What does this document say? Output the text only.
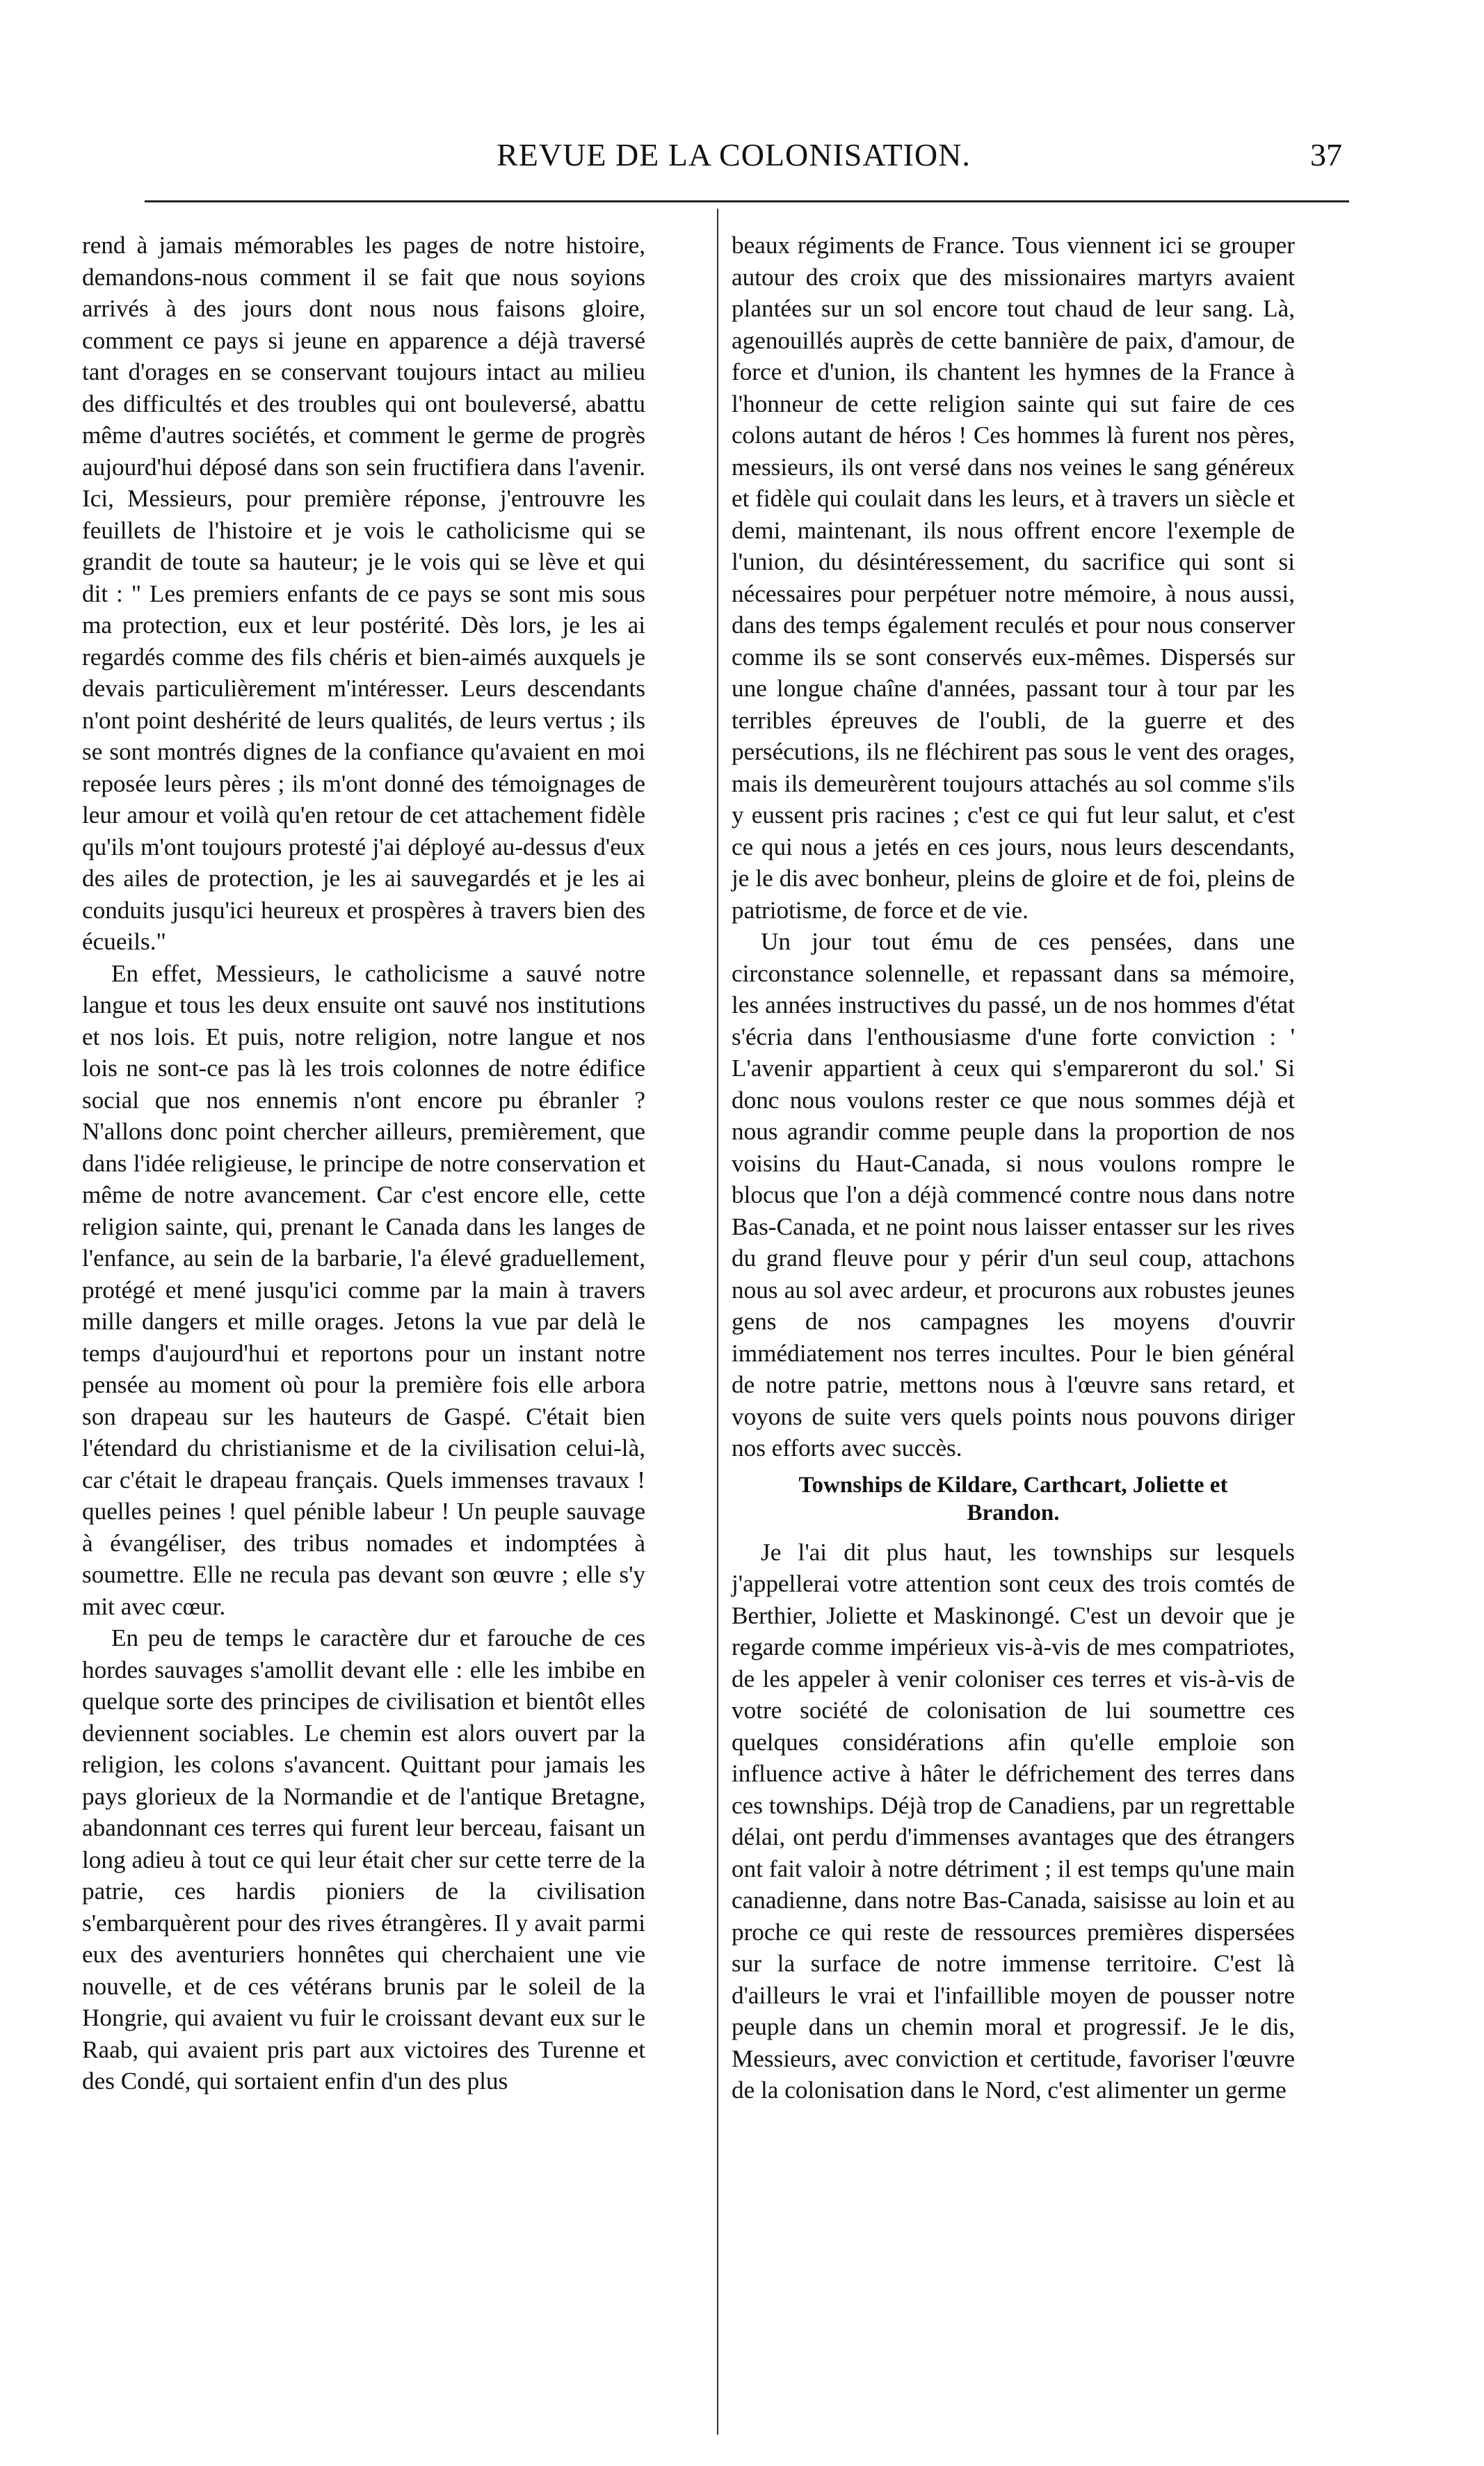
REVUE DE LA COLONISATION.	37

rend à jamais mémorables les pages de notre histoire, demandons-nous comment il se fait que nous soyions arrivés à des jours dont nous nous faisons gloire, comment ce pays si jeune en apparence a déjà traversé tant d'orages en se conservant toujours intact au milieu des difficultés et des troubles qui ont bouleversé, abattu même d'autres sociétés, et comment le germe de progrès aujourd'hui déposé dans son sein fructifiera dans l'avenir. Ici, Messieurs, pour première réponse, j'entrouvre les feuillets de l'histoire et je vois le catholicisme qui se grandit de toute sa hauteur; je le vois qui se lève et qui dit : " Les premiers enfants de ce pays se sont mis sous ma protection, eux et leur postérité. Dès lors, je les ai regardés comme des fils chéris et bien-aimés auxquels je devais particulièrement m'intéresser. Leurs descendants n'ont point deshérité de leurs qualités, de leurs vertus ; ils se sont montrés dignes de la confiance qu'avaient en moi reposée leurs pères ; ils m'ont donné des témoignages de leur amour et voilà qu'en retour de cet attachement fidèle qu'ils m'ont toujours protesté j'ai déployé au-dessus d'eux des ailes de protection, je les ai sauvegardés et je les ai conduits jusqu'ici heureux et prospères à travers bien des écueils."

En effet, Messieurs, le catholicisme a sauvé notre langue et tous les deux ensuite ont sauvé nos institutions et nos lois. Et puis, notre religion, notre langue et nos lois ne sont-ce pas là les trois colonnes de notre édifice social que nos ennemis n'ont encore pu ébranler ? N'allons donc point chercher ailleurs, premièrement, que dans l'idée religieuse, le principe de notre conservation et même de notre avancement. Car c'est encore elle, cette religion sainte, qui, prenant le Canada dans les langes de l'enfance, au sein de la barbarie, l'a élevé graduellement, protégé et mené jusqu'ici comme par la main à travers mille dangers et mille orages. Jetons la vue par delà le temps d'aujourd'hui et reportons pour un instant notre pensée au moment où pour la première fois elle arbora son drapeau sur les hauteurs de Gaspé. C'était bien l'étendard du christianisme et de la civilisation celui-là, car c'était le drapeau français. Quels immenses travaux ! quelles peines ! quel pénible labeur ! Un peuple sauvage à évangéliser, des tribus nomades et indomptées à soumettre. Elle ne recula pas devant son œuvre ; elle s'y mit avec cœur.

En peu de temps le caractère dur et farouche de ces hordes sauvages s'amollit devant elle : elle les imbibe en quelque sorte des principes de civilisation et bientôt elles deviennent sociables. Le chemin est alors ouvert par la religion, les colons s'avancent. Quittant pour jamais les pays glorieux de la Normandie et de l'antique Bretagne, abandonnant ces terres qui furent leur berceau, faisant un long adieu à tout ce qui leur était cher sur cette terre de la patrie, ces hardis pioniers de la civilisation s'embarquèrent pour des rives étrangères. Il y avait parmi eux des aventuriers honnêtes qui cherchaient une vie nouvelle, et de ces vétérans brunis par le soleil de la Hongrie, qui avaient vu fuir le croissant devant eux sur le Raab, qui avaient pris part aux victoires des Turenne et des Condé, qui sortaient enfin d'un des plus

beaux régiments de France. Tous viennent ici se grouper autour des croix que des missionaires martyrs avaient plantées sur un sol encore tout chaud de leur sang. Là, agenouillés auprès de cette bannière de paix, d'amour, de force et d'union, ils chantent les hymnes de la France à l'honneur de cette religion sainte qui sut faire de ces colons autant de héros ! Ces hommes là furent nos pères, messieurs, ils ont versé dans nos veines le sang généreux et fidèle qui coulait dans les leurs, et à travers un siècle et demi, maintenant, ils nous offrent encore l'exemple de l'union, du désintéressement, du sacrifice qui sont si nécessaires pour perpétuer notre mémoire, à nous aussi, dans des temps également reculés et pour nous conserver comme ils se sont conservés eux-mêmes. Dispersés sur une longue chaîne d'années, passant tour à tour par les terribles épreuves de l'oubli, de la guerre et des persécutions, ils ne fléchirent pas sous le vent des orages, mais ils demeurèrent toujours attachés au sol comme s'ils y eussent pris racines ; c'est ce qui fut leur salut, et c'est ce qui nous a jetés en ces jours, nous leurs descendants, je le dis avec bonheur, pleins de gloire et de foi, pleins de patriotisme, de force et de vie.

Un jour tout ému de ces pensées, dans une circonstance solennelle, et repassant dans sa mémoire, les années instructives du passé, un de nos hommes d'état s'écria dans l'enthousiasme d'une forte conviction : ' L'avenir appartient à ceux qui s'empareront du sol.' Si donc nous voulons rester ce que nous sommes déjà et nous agrandir comme peuple dans la proportion de nos voisins du Haut-Canada, si nous voulons rompre le blocus que l'on a déjà commencé contre nous dans notre Bas-Canada, et ne point nous laisser entasser sur les rives du grand fleuve pour y périr d'un seul coup, attachons nous au sol avec ardeur, et procurons aux robustes jeunes gens de nos campagnes les moyens d'ouvrir immédiatement nos terres incultes. Pour le bien général de notre patrie, mettons nous à l'œuvre sans retard, et voyons de suite vers quels points nous pouvons diriger nos efforts avec succès.

Townships de Kildare, Carthcart, Joliette et Brandon.

Je l'ai dit plus haut, les townships sur lesquels j'appellerai votre attention sont ceux des trois comtés de Berthier, Joliette et Maskinongé. C'est un devoir que je regarde comme impérieux vis-à-vis de mes compatriotes, de les appeler à venir coloniser ces terres et vis-à-vis de votre société de colonisation de lui soumettre ces quelques considérations afin qu'elle emploie son influence active à hâter le défrichement des terres dans ces townships. Déjà trop de Canadiens, par un regrettable délai, ont perdu d'immenses avantages que des étrangers ont fait valoir à notre détriment ; il est temps qu'une main canadienne, dans notre Bas-Canada, saisisse au loin et au proche ce qui reste de ressources premières dispersées sur la surface de notre immense territoire. C'est là d'ailleurs le vrai et l'infaillible moyen de pousser notre peuple dans un chemin moral et progressif. Je le dis, Messieurs, avec conviction et certitude, favoriser l'œuvre de la colonisation dans le Nord, c'est alimenter un germe
